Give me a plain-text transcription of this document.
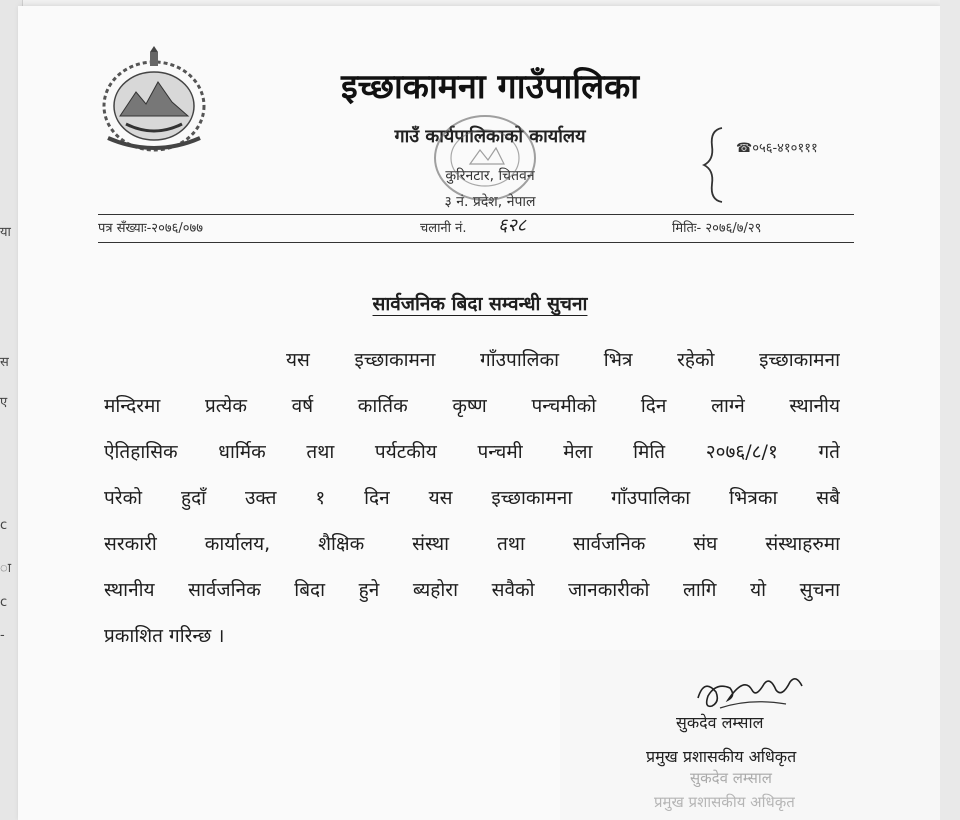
या
स
ए
c
ा
c
-
इच्छाकामना गाउँपालिका
गाउँ कार्यपालिकाको कार्यालय
कुरिनटार, चितवन
३ नं. प्रदेश, नेपाल
☎०५६-४१०१११
पत्र सँख्याः-२०७६/०७७	चलानी नं. ६२८	मितिः- २०७६/७/२९
सार्वजनिक बिदा सम्वन्धी सुचना
यस इच्छाकामना गाँउपालिका भित्र रहेको इच्छाकामना
मन्दिरमा प्रत्येक वर्ष कार्तिक कृष्ण पन्चमीको दिन लाग्ने स्थानीय
ऐतिहासिक धार्मिक तथा पर्यटकीय पन्चमी मेला मिति २०७६/८/१ गते
परेको हुदाँ उक्त १ दिन यस इच्छाकामना गाँउपालिका भित्रका सबै
सरकारी कार्यालय, शैक्षिक संस्था तथा सार्वजनिक संघ संस्थाहरुमा
स्थानीय सार्वजनिक बिदा हुने ब्यहोरा सवैको जानकारीको लागि यो सुचना
प्रकाशित गरिन्छ ।
सुकदेव लम्साल
प्रमुख प्रशासकीय अधिकृत
सुकदेव लम्साल
प्रमुख प्रशासकीय अधिकृत
